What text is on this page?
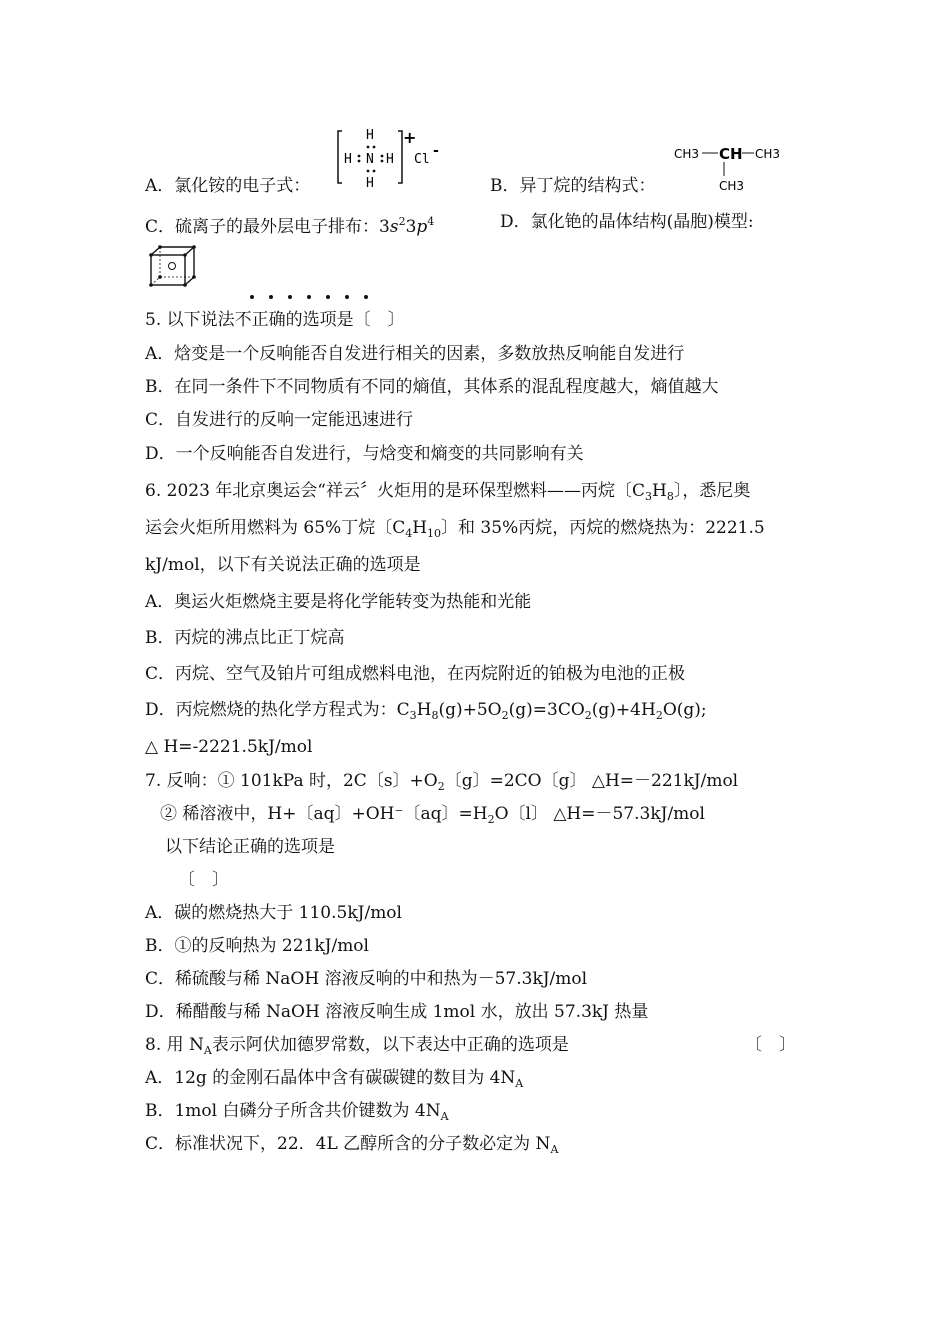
A．氯化铵的电子式：
H
H N H
H
+
Cl
-
B．异丁烷的结构式：
CH3 CH CH3
CH3
C．硫离子的最外层电子排布：$3s^23p^4$	D．氯化铯的晶体结构(晶胞)模型:
5. 以下说法不正确的选项是〔　〕
A．焓变是一个反响能否自发进行相关的因素，多数放热反响能自发进行
B．在同一条件下不同物质有不同的熵值，其体系的混乱程度越大，熵值越大
C．自发进行的反响一定能迅速进行
D．一个反响能否自发进行，与焓变和熵变的共同影响有关
6. 2023 年北京奥运会“祥云〞火炬用的是环保型燃料——丙烷〔$C_3H_8$〕，悉尼奥
运会火炬所用燃料为 65%丁烷〔$C_4H_{10}$〕和 35%丙烷，丙烷的燃烧热为：2221.5
kJ/mol，以下有关说法正确的选项是
A．奥运火炬燃烧主要是将化学能转变为热能和光能
B．丙烷的沸点比正丁烷高
C．丙烷、空气及铂片可组成燃料电池，在丙烷附近的铂极为电池的正极
D．丙烷燃烧的热化学方程式为：$C_3H_8(g)+5O_2(g)=3CO_2(g)+4H_2O(g)$;
△ H=-2221.5kJ/mol
7. 反响：① 101kPa 时，2C〔s〕$+O_2$〔g〕=2CO〔g〕 △H=－221kJ/mol
② 稀溶液中，H+〔aq〕+OH⁻〔aq〕$=H_2O$〔l〕 △H=－57.3kJ/mol
以下结论正确的选项是
〔　〕
A．碳的燃烧热大于 110.5kJ/mol
B．①的反响热为 221kJ/mol
C．稀硫酸与稀 NaOH 溶液反响的中和热为－57.3kJ/mol
D．稀醋酸与稀 NaOH 溶液反响生成 1mol 水，放出 57.3kJ 热量
8. 用 $N_A$表示阿伏加德罗常数，以下表达中正确的选项是	〔　〕
A．12g 的金刚石晶体中含有碳碳键的数目为 $4N_A$
B．1mol 白磷分子所含共价键数为 $4N_A$
C．标准状况下，22．4L 乙醇所含的分子数必定为 $N_A$
